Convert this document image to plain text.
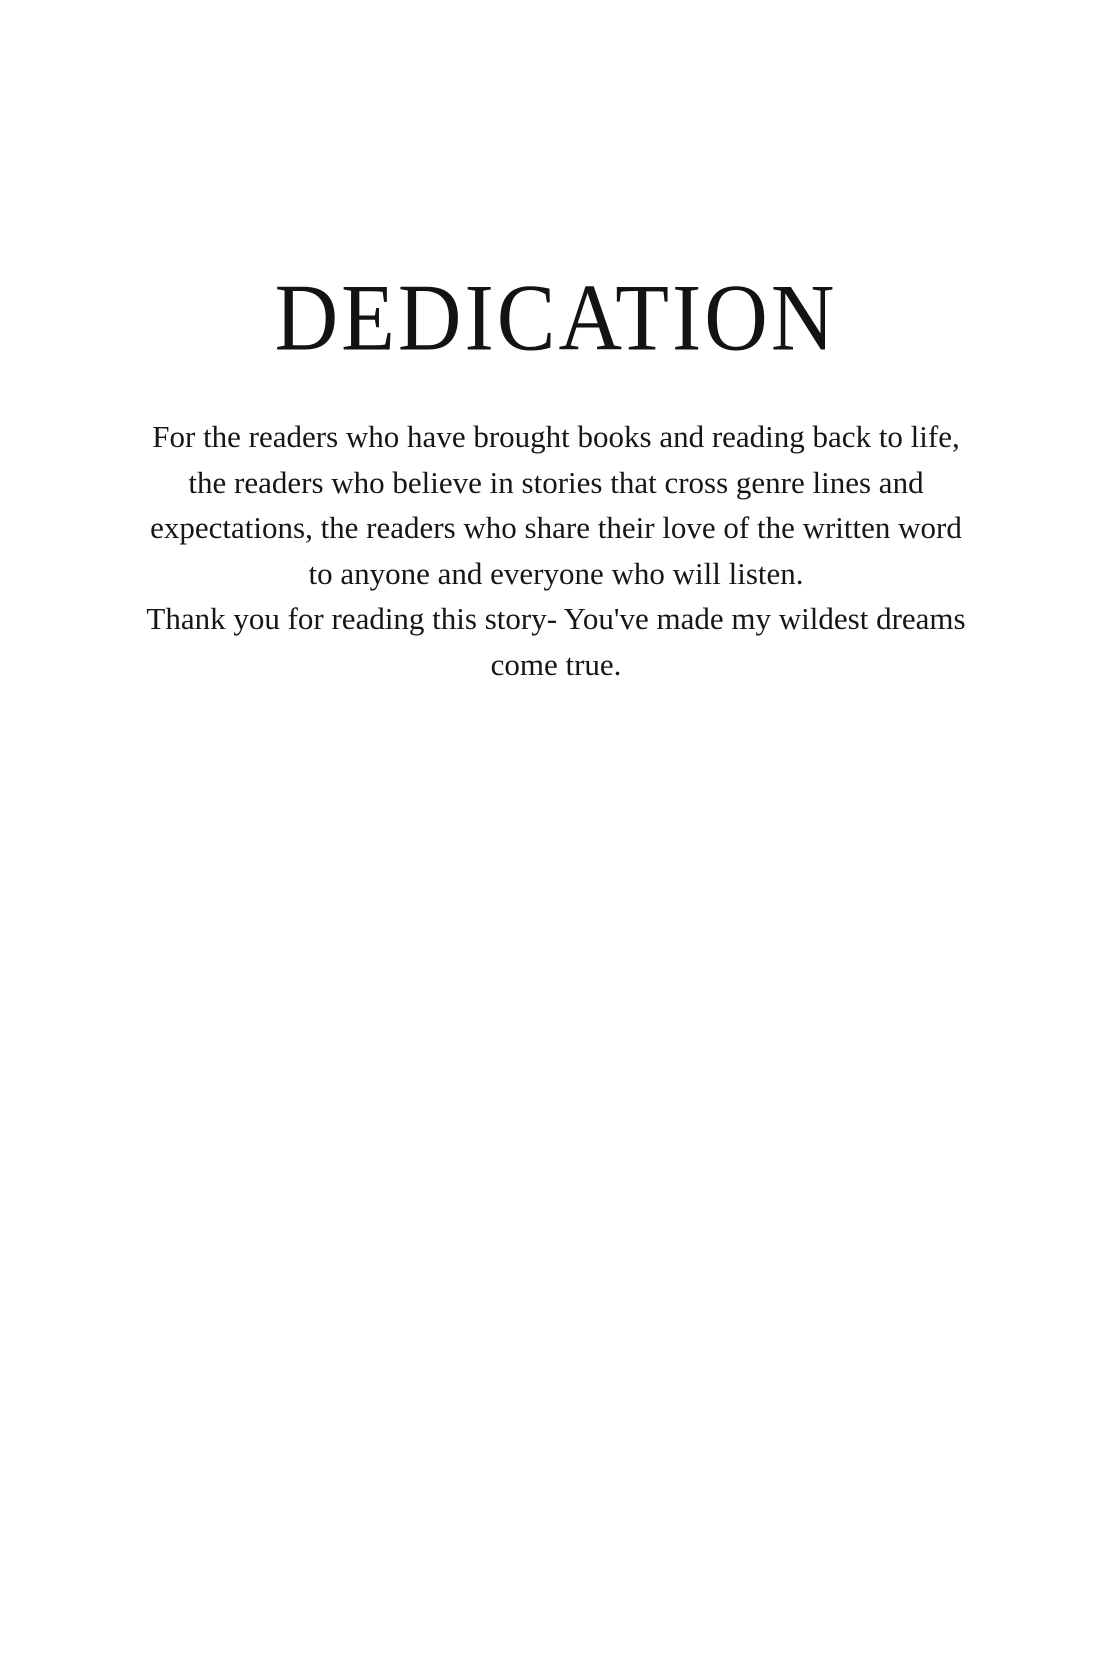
DEDICATION
For the readers who have brought books and reading back to life,
the readers who believe in stories that cross genre lines and
expectations, the readers who share their love of the written word
to anyone and everyone who will listen.
Thank you for reading this story- You've made my wildest dreams
come true.
